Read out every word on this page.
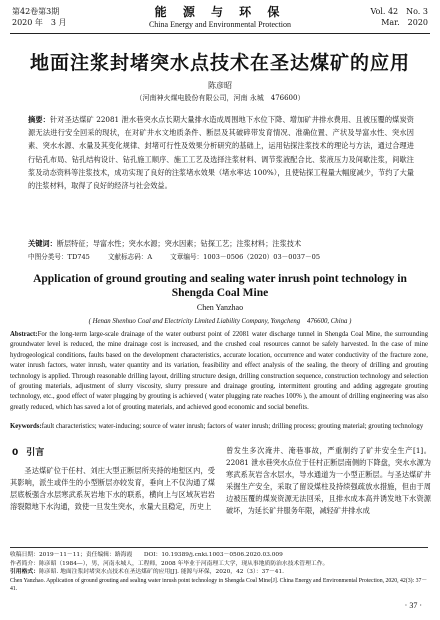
第42卷第3期
2020 年　3 月
能 源 与 环 保
China Energy and Environmental Protection
Vol. 42　No. 3
Mar.　2020
地面注浆封堵突水点技术在圣达煤矿的应用
陈彦昭
（河南神火煤电股份有限公司，河南 永城　476600）

摘要：针对圣达煤矿 22081 泄水巷突水点长期大量排水造成周围地下水位下降、增加矿井排水费用、且被压覆的煤炭资源无法进行安全回采的现状，在对矿井水文地质条件、断层及其破碎带发育情况、准确位置、产状及导富水性、突水因素、突水水源、水量及其变化规律、封堵可行性及效果分析研究的基础上，运用钻探注浆技术的理论与方法，通过合理进行钻孔布局、钻孔结构设计、钻孔施工顺序、施工工艺及选择注浆材料、调节浆液配合比、浆液压力及间歇注浆，间歇注浆及动态资料等注浆技术，成功实现了良好的注浆堵水效果（堵水率达 100%），且使钻探工程量大幅度减少，节约了大量的注浆材料，取得了良好的经济与社会效益。

关键词：断层特征；导富水性；突水水源；突水因素；钻探工艺；注浆材料；注浆技术

中图分类号：TD745	文献标志码：A	文章编号：1003－0506（2020）03－0037－05
Application of ground grouting and sealing water inrush point technology in Shengda Coal Mine
Chen Yanzhao
( Henan Shenhuo Coal and Electricity Limited Liability Company, Yongcheng　476600, China )

Abstract:For the long-term large-scale drainage of the water outburst point of 22081 water discharge tunnel in Shengda Coal Mine, the surrounding groundwater level is reduced, the mine drainage cost is increased, and the crushed coal resources cannot be safely harvested. In the case of mine hydrogeological conditions, faults based on the development characteristics, accurate location, occurrence and water conductivity of the fracture zone, water inrush factors, water inrush, water quantity and its variation, feasibility and effect analysis of the sealing, the theory of drilling and grouting technology is applied. Through reasonable drilling layout, drilling structure design, drilling construction sequence, construction technology and selection of grouting materials, adjustment of slurry viscosity, slurry pressure and drainage grouting, intermittent grouting and adding aggregate grouting technology, etc., good effect of water plugging by grouting is achieved ( water plugging rate reaches 100% ), the amount of drilling engineering was also greatly reduced, which has saved a lot of grouting materials, and achieved good economic and social benefits.

Keywords:fault characteristics; water-inducing; source of water inrush; factors of water inrush; drilling process; grouting material; grouting technology

0 引言

圣达煤矿位于任村、刘庄大型正断层所夹持的地堑区内，受其影响，派生或伴生的小型断层亦较发育，垂向上不仅沟通了煤层底板强含水层寒武系灰岩地下水的联系，横向上与区域灰岩岩溶裂隙地下水沟通，致使一旦发生突水，水量大且稳定，历史上

曾发生多次淹井、淹巷事故，严重制约了矿井安全生产[1]。22081 泄水巷突水点位于任村正断层南侧的下降盘，突水水源为寒武系灰岩含水层水，导水通道为一小型正断层。与圣达煤矿井采掘生产安全，采取了留设煤柱及持续强疏放水措施，但由于周边被压覆的煤炭资源无法回采，且排水成本高并诱发地下水资源破坏，为延长矿井服务年限，减轻矿井排水成

收稿日期：2019－11－11；责任编辑：路海霞　　DOI：10.19389/j.cnki.1003－0506.2020.03.009
作者简介：陈彦昭（1984—），男，河南永城人，工程师，2008 年毕业于河南理工大学，现从事地质防治水技术管理工作。
引用格式：陈彦昭. 地面注浆封堵突水点技术在圣达煤矿的应用[J]. 能源与环保，2020，42（3）：37－41.
Chen Yanzhao. Application of ground grouting and sealing water inrush point technology in Shengda Coal Mine[J]. China Energy and Environmental Protection, 2020, 42(3): 37－41.
· 37 ·
